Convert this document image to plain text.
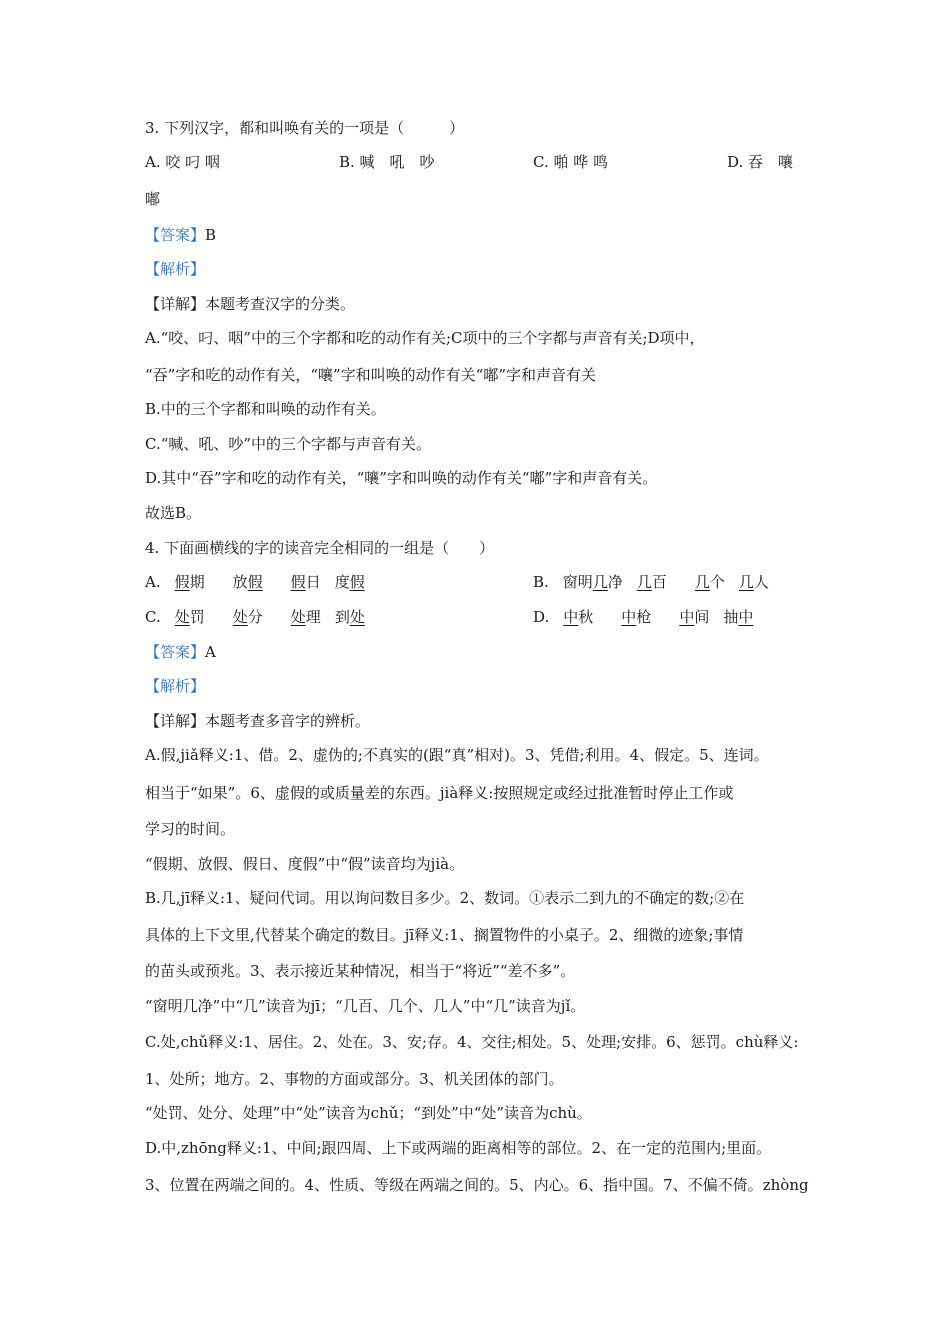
3. 下列汉字，都和叫唤有关的一项是（　　　）
A. 咬 叼 咽	B. 喊　吼　吵	C. 啪 哗 鸣	D. 吞　嚷
嘟
【答案】B
【解析】
【详解】本题考查汉字的分类。
A.“咬、叼、咽”中的三个字都和吃的动作有关;C项中的三个字都与声音有关;D项中，
“吞”字和吃的动作有关，“嚷”字和叫唤的动作有关“嘟”字和声音有关
B.中的三个字都和叫唤的动作有关。
C.“喊、吼、吵”中的三个字都与声音有关。
D.其中“吞”字和吃的动作有关，“嚷”字和叫唤的动作有关“嘟”字和声音有关。
故选B。
4. 下面画横线的字的读音完全相同的一组是（　　）
A. 假期 放假 假日 度假	B. 窗明几净 几百 几个 几人
C. 处罚 处分 处理 到处	D. 中秋 中枪 中间 抽中
【答案】A
【解析】
【详解】本题考查多音字的辨析。
A.假,jiǎ释义:1、借。2、虚伪的;不真实的(跟“真”相对)。3、凭借;利用。4、假定。5、连词。
相当于“如果”。6、虚假的或质量差的东西。jià释义:按照规定或经过批准暂时停止工作或
学习的时间。
“假期、放假、假日、度假”中“假”读音均为jià。
B.几,jī释义:1、疑问代词。用以询问数目多少。2、数词。①表示二到九的不确定的数;②在
具体的上下文里,代替某个确定的数目。jī释义:1、搁置物件的小桌子。2、细微的迹象;事情
的苗头或预兆。3、表示接近某种情况，相当于“将近”“差不多”。
“窗明几净”中“几”读音为jī；“几百、几个、几人”中“几”读音为jǐ。
C.处,chǔ释义:1、居住。2、处在。3、安;存。4、交往;相处。5、处理;安排。6、惩罚。chù释义:
1、处所；地方。2、事物的方面或部分。3、机关团体的部门。
“处罚、处分、处理”中“处”读音为chǔ；“到处”中“处”读音为chù。
D.中,zhōng释义:1、中间;跟四周、上下或两端的距离相等的部位。2、在一定的范围内;里面。
3、位置在两端之间的。4、性质、等级在两端之间的。5、内心。6、指中国。7、不偏不倚。zhòng
